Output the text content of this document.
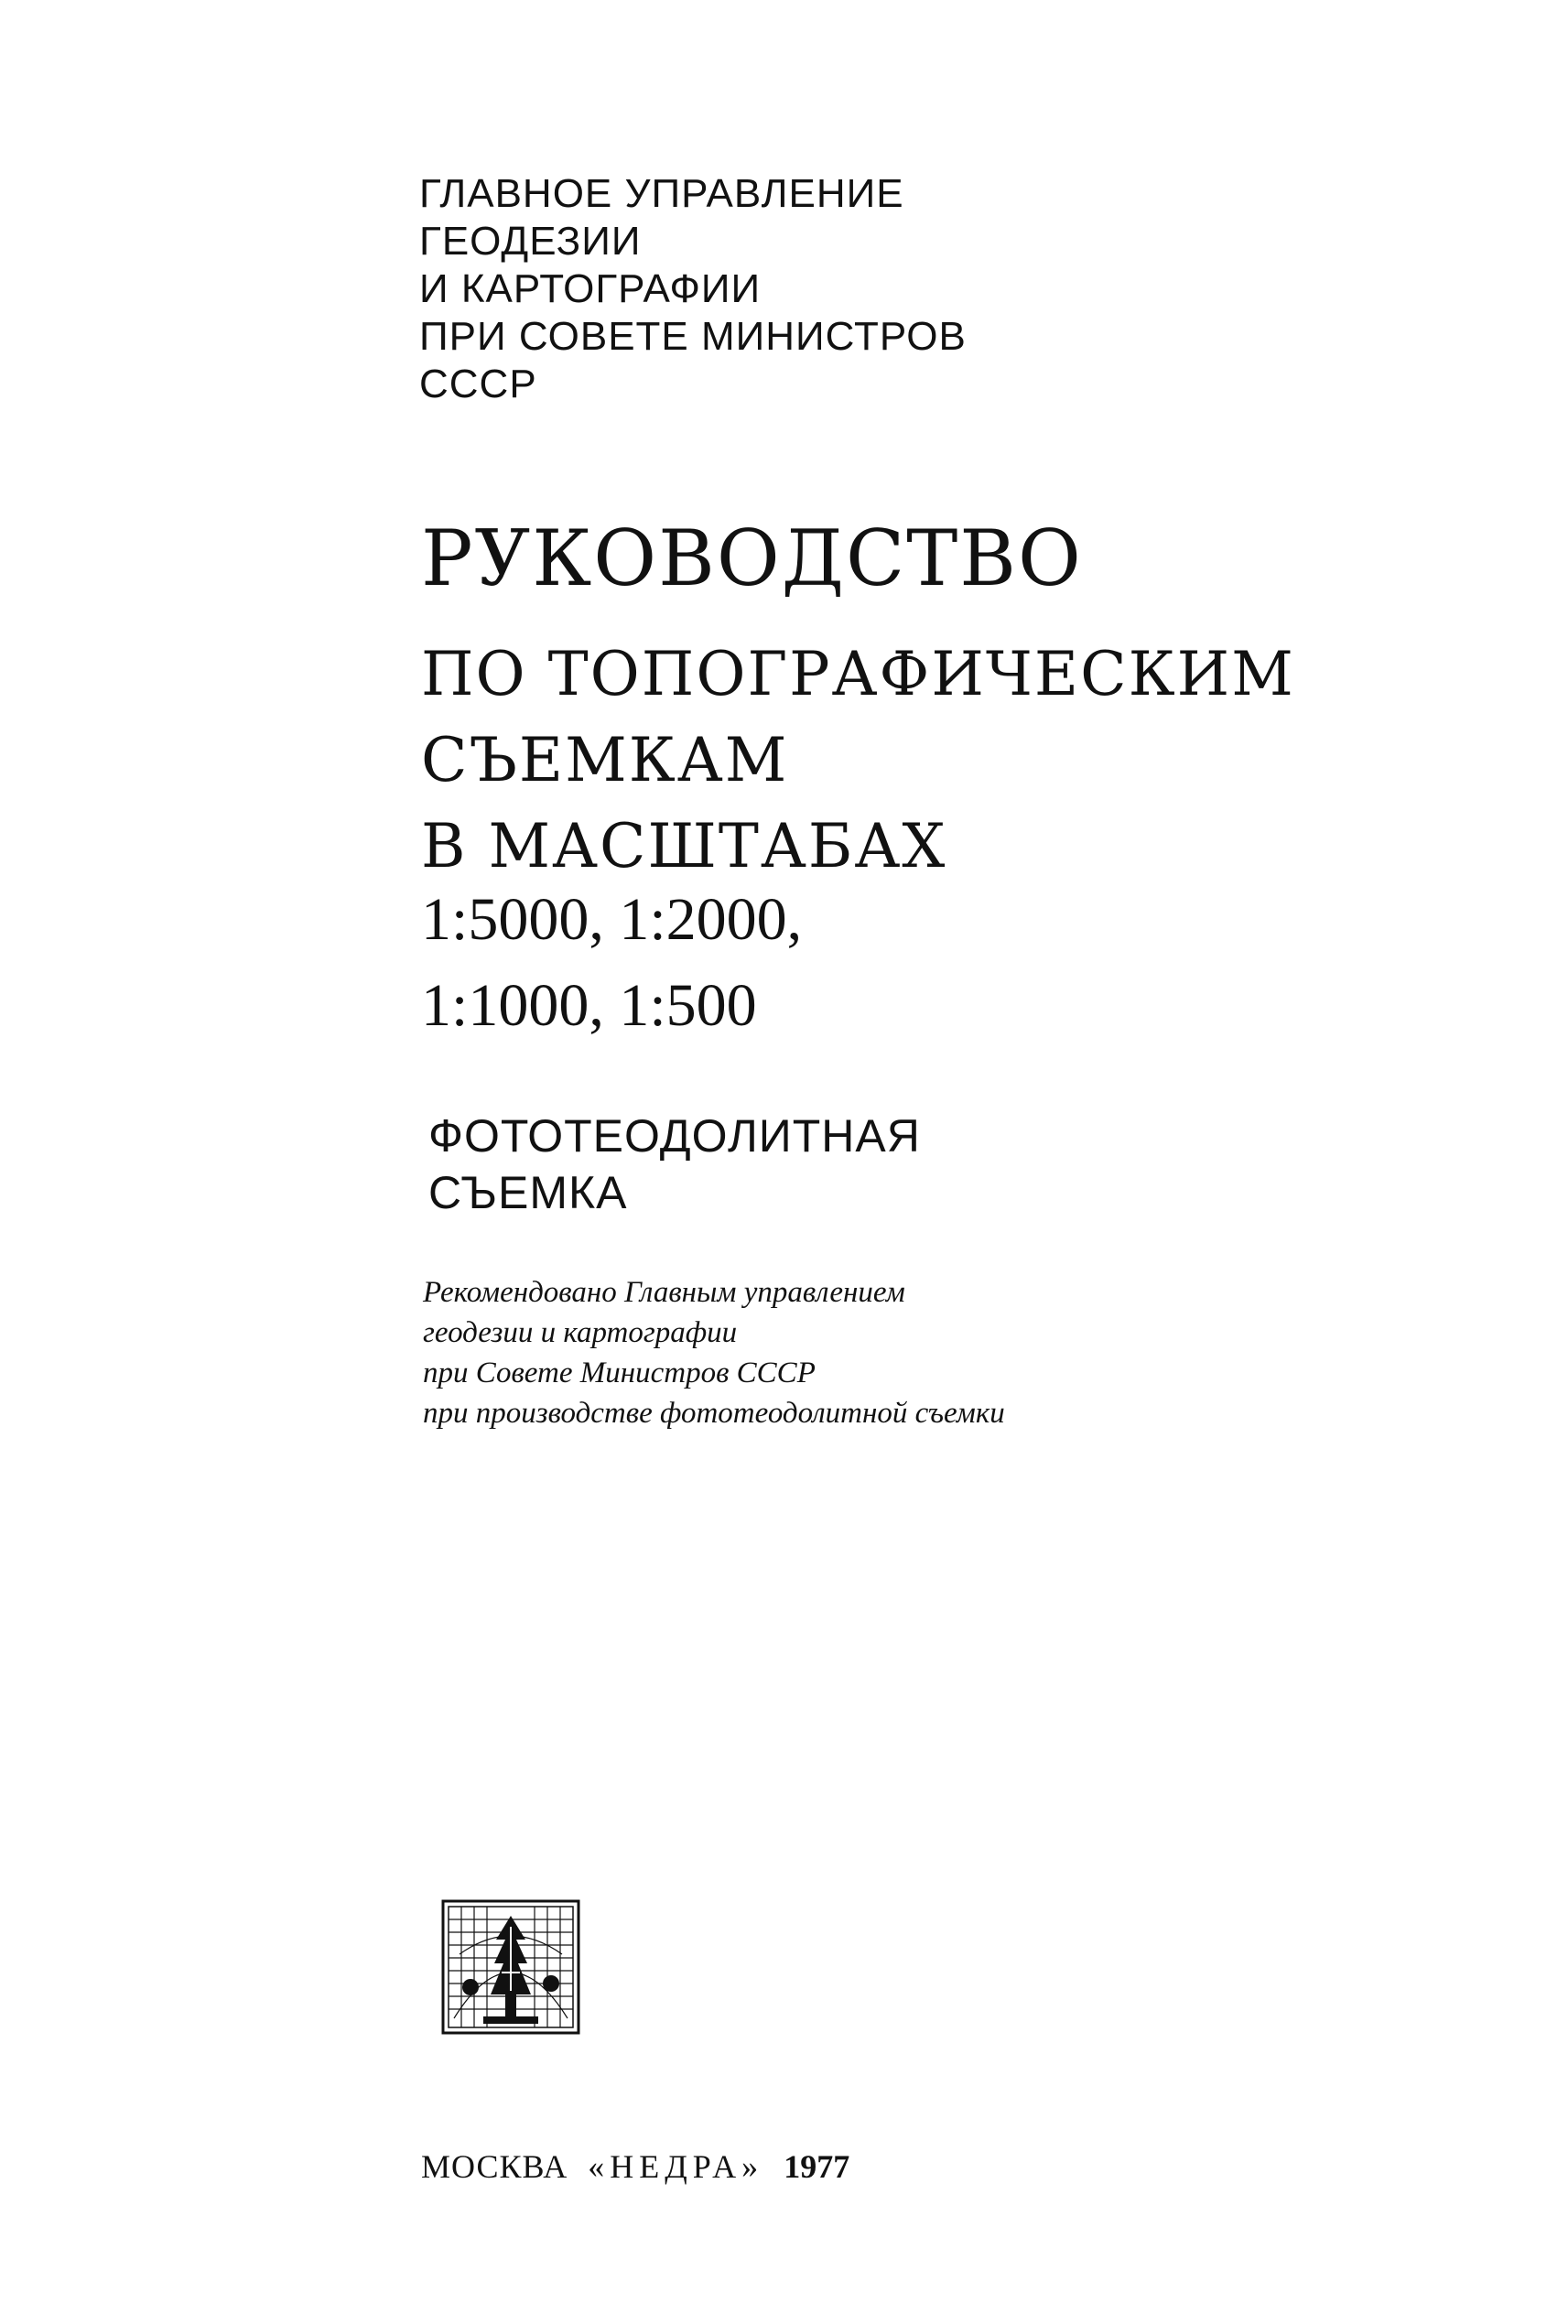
ГЛАВНОЕ УПРАВЛЕНИЕ
ГЕОДЕЗИИ
И КАРТОГРАФИИ
ПРИ СОВЕТЕ МИНИСТРОВ
СССР
РУКОВОДСТВО
ПО ТОПОГРАФИЧЕСКИМ
СЪЕМКАМ
В МАСШТАБАХ
1:5000, 1:2000,
1:1000, 1:500
ФОТОТЕОДОЛИТНАЯ
СЪЕМКА
Рекомендовано Главным управлением
геодезии и картографии
при Совете Министров СССР
при производстве фототеодолитной съемки
МОСКВА «НЕДРА» 1977
